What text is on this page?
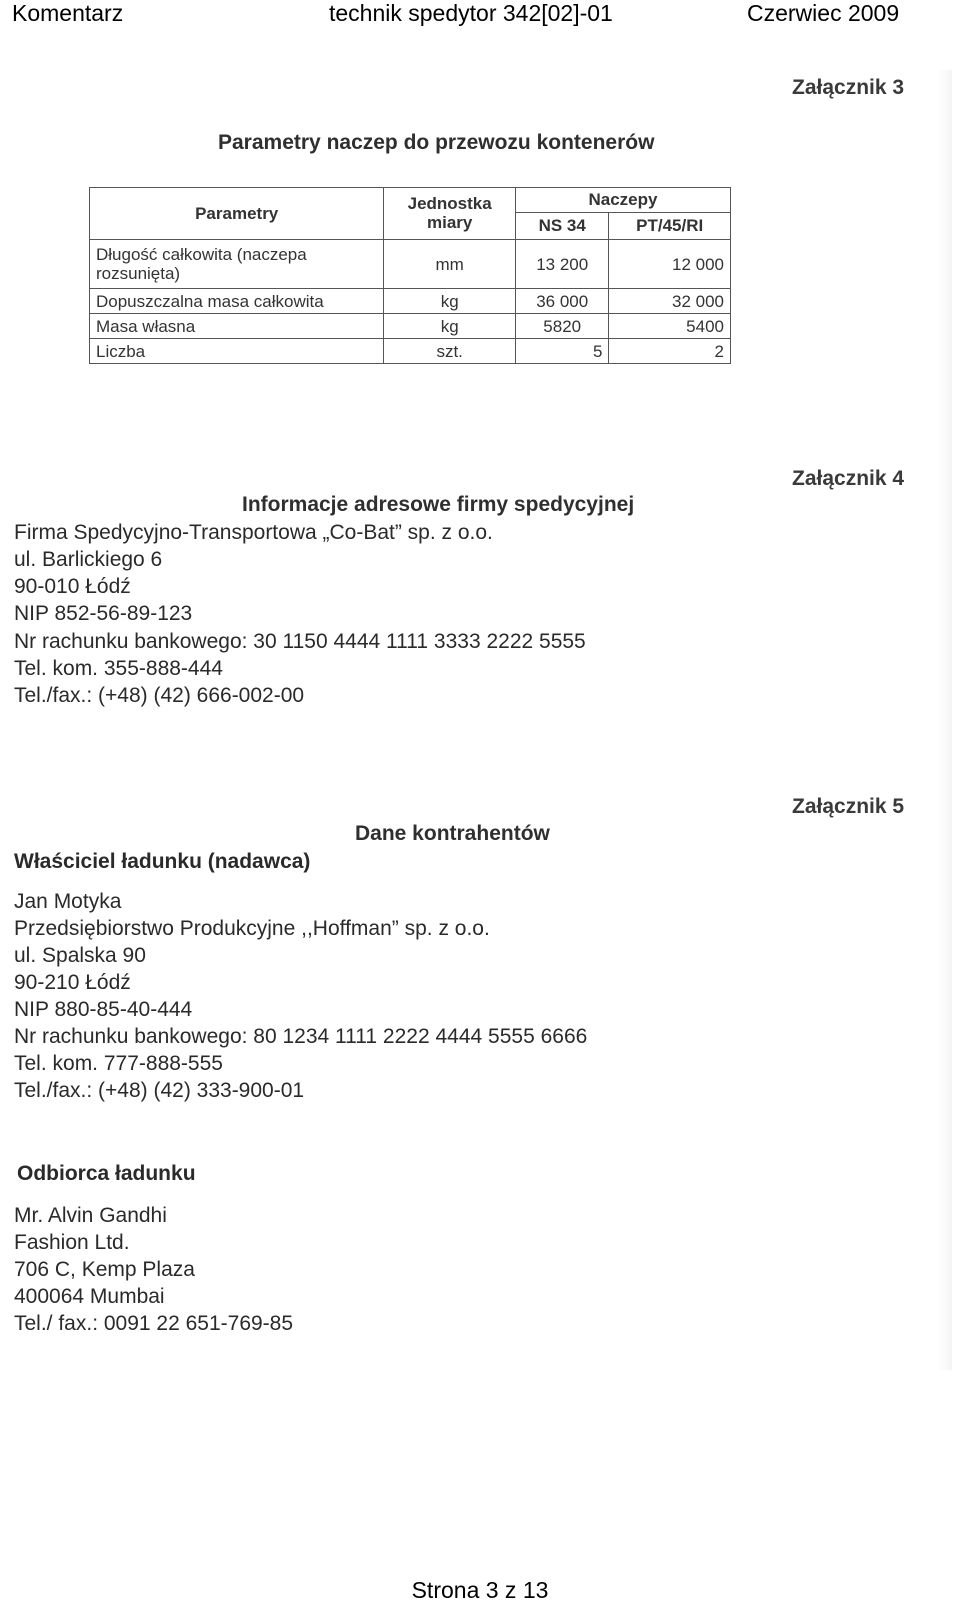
Komentarz	technik spedytor 342[02]-01	Czerwiec 2009
Załącznik 3
Parametry naczep do przewozu kontenerów
Parametry	Jednostka miary	Naczepy	
		NS 34	PT/45/RI
Długość całkowita (naczepa rozsunięta)	mm	13 200	12 000
Dopuszczalna masa całkowita	kg	36 000	32 000
Masa własna	kg	5820	5400
Liczba	szt.	5	2
Załącznik 4
Informacje adresowe firmy spedycyjnej
Firma Spedycyjno-Transportowa „Co-Bat” sp. z o.o.
ul. Barlickiego 6
90-010 Łódź
NIP 852-56-89-123
Nr rachunku bankowego: 30 1150 4444 1111 3333 2222 5555
Tel. kom. 355-888-444
Tel./fax.: (+48) (42) 666-002-00
Załącznik 5
Dane kontrahentów
Właściciel ładunku (nadawca)
Jan Motyka
Przedsiębiorstwo Produkcyjne ,,Hoffman” sp. z o.o.
ul. Spalska 90
90-210 Łódź
NIP 880-85-40-444
Nr rachunku bankowego: 80 1234 1111 2222 4444 5555 6666
Tel. kom. 777-888-555
Tel./fax.: (+48) (42) 333-900-01
Odbiorca ładunku
Mr. Alvin Gandhi
Fashion Ltd.
706 C, Kemp Plaza
400064 Mumbai
Tel./ fax.: 0091 22 651-769-85
Strona 3 z 13
